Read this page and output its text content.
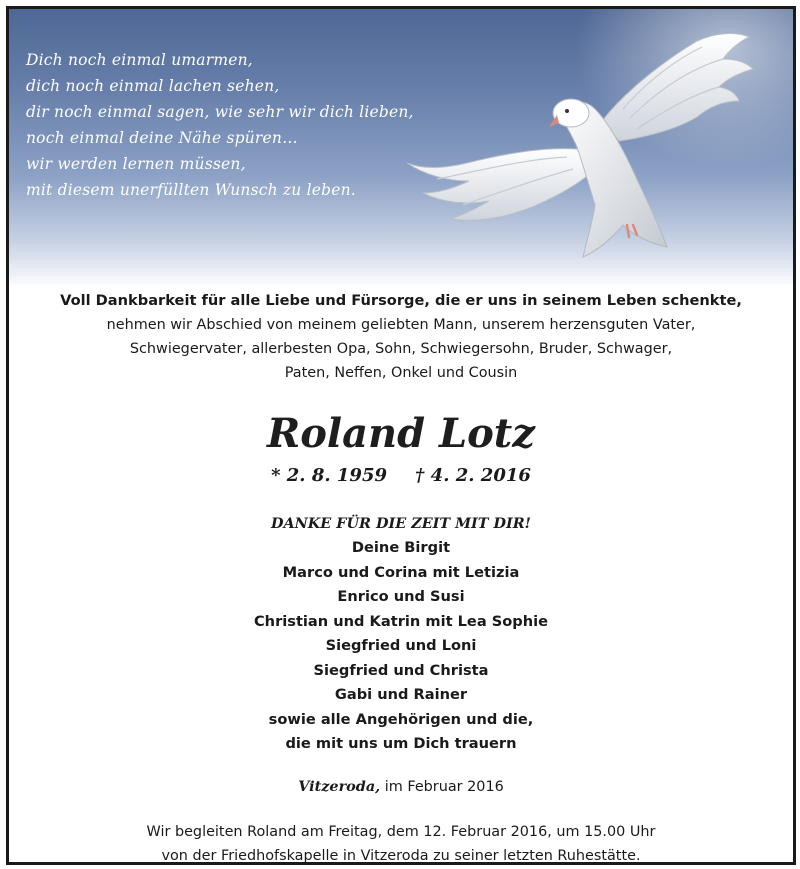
Dich noch einmal umarmen,
dich noch einmal lachen sehen,
dir noch einmal sagen, wie sehr wir dich lieben,
noch einmal deine Nähe spüren…
wir werden lernen müssen,
mit diesem unerfüllten Wunsch zu leben.
Voll Dankbarkeit für alle Liebe und Fürsorge, die er uns in seinem Leben schenkte,
nehmen wir Abschied von meinem geliebten Mann, unserem herzensguten Vater,
Schwiegervater, allerbesten Opa, Sohn, Schwiegersohn, Bruder, Schwager,
Paten, Neffen, Onkel und Cousin
Roland Lotz
* 2. 8. 1959 † 4. 2. 2016
DANKE FÜR DIE ZEIT MIT DIR!
Deine Birgit
Marco und Corina mit Letizia
Enrico und Susi
Christian und Katrin mit Lea Sophie
Siegfried und Loni
Siegfried und Christa
Gabi und Rainer
sowie alle Angehörigen und die,
die mit uns um Dich trauern
Vitzeroda, im Februar 2016
Wir begleiten Roland am Freitag, dem 12. Februar 2016, um 15.00 Uhr
von der Friedhofskapelle in Vitzeroda zu seiner letzten Ruhestätte.
